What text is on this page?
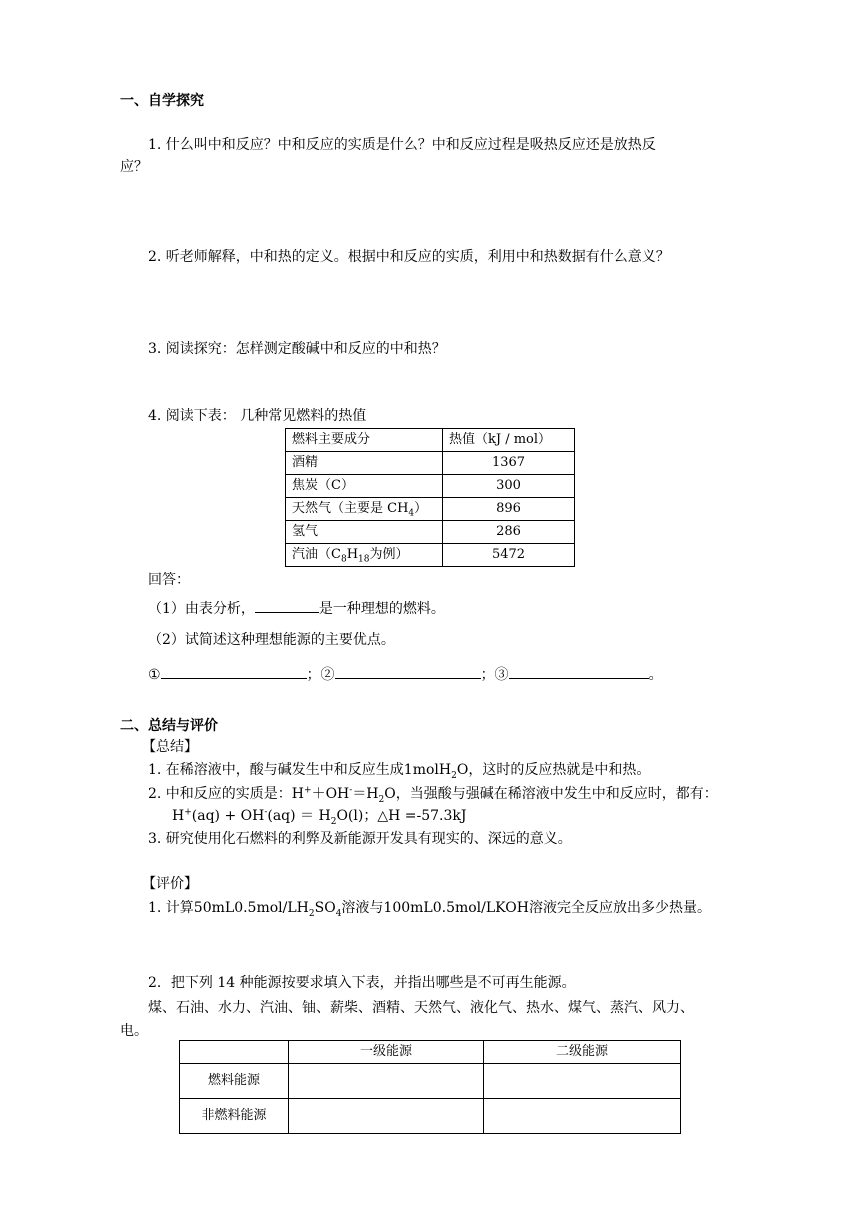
一、自学探究
1. 什么叫中和反应？中和反应的实质是什么？中和反应过程是吸热反应还是放热反
应？
2. 听老师解释，中和热的定义。根据中和反应的实质，利用中和热数据有什么意义？
3. 阅读探究：怎样测定酸碱中和反应的中和热？
4. 阅读下表： 几种常见燃料的热值
燃料主要成分	热值（kJ / mol）
酒精	1367
焦炭（C）	300
天然气（主要是 $CH_4$）	896
氢气	286
汽油（$C_8H_{18}$为例）	5472
回答：
（1）由表分析，	是一种理想的燃料。
（2）试简述这种理想能源的主要优点。
①	；②	；③	。
二、总结与评价
【总结】
1. 在稀溶液中，酸与碱发生中和反应生成1molH$_2$O，这时的反应热就是中和热。
2. 中和反应的实质是：$H^++OH^-=H_2O$，当强酸与强碱在稀溶液中发生中和反应时，都有：
$H^+(aq) + OH^-(aq) = H_2O(l)$；△H =-57.3kJ
3. 研究使用化石燃料的利弊及新能源开发具有现实的、深远的意义。
【评价】
1. 计算$50mL0.5mol/LH_2SO_4$溶液与100mL0.5mol/LKOH溶液完全反应放出多少热量。
2．把下列 14 种能源按要求填入下表，并指出哪些是不可再生能源。
煤、石油、水力、汽油、铀、薪柴、酒精、天然气、液化气、热水、煤气、蒸汽、风力、
电。
	一级能源	二级能源
燃料能源		
非燃料能源		
